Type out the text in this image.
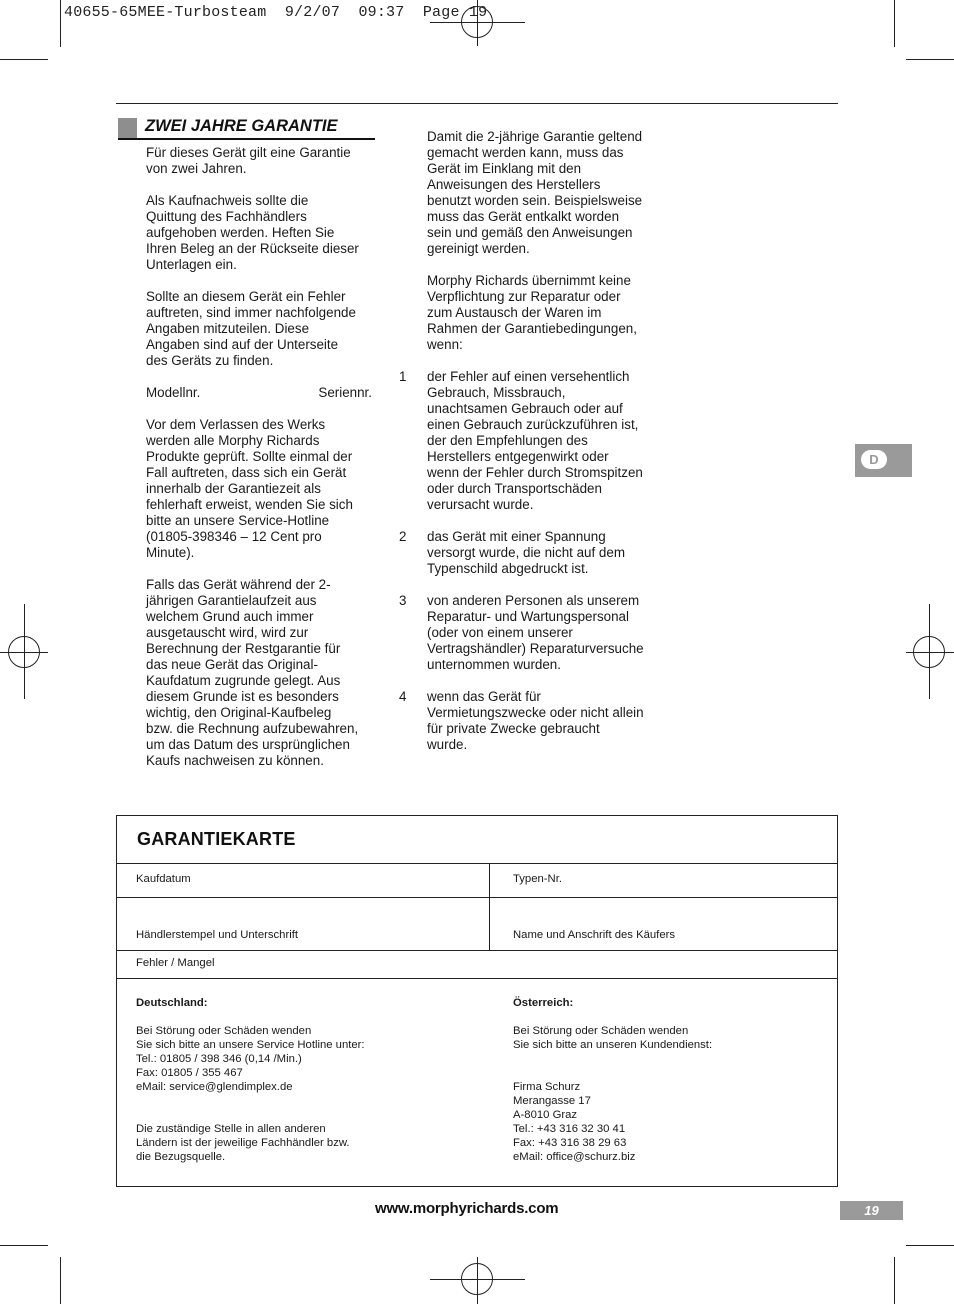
40655-65MEE-Turbosteam  9/2/07  09:37  Page 19
ZWEI JAHRE GARANTIE

Für dieses Gerät gilt eine Garantie
von zwei Jahren.

Als Kaufnachweis sollte die
Quittung des Fachhändlers
aufgehoben werden. Heften Sie
Ihren Beleg an der Rückseite dieser
Unterlagen ein.

Sollte an diesem Gerät ein Fehler
auftreten, sind immer nachfolgende
Angaben mitzuteilen. Diese
Angaben sind auf der Unterseite
des Geräts zu finden.

Modellnr.	Seriennr.

Vor dem Verlassen des Werks
werden alle Morphy Richards
Produkte geprüft. Sollte einmal der
Fall auftreten, dass sich ein Gerät
innerhalb der Garantiezeit als
fehlerhaft erweist, wenden Sie sich
bitte an unsere Service-Hotline
(01805-398346 – 12 Cent pro
Minute).

Falls das Gerät während der 2-
jährigen Garantielaufzeit aus
welchem Grund auch immer
ausgetauscht wird, wird zur
Berechnung der Restgarantie für
das neue Gerät das Original-
Kaufdatum zugrunde gelegt. Aus
diesem Grunde ist es besonders
wichtig, den Original-Kaufbeleg
bzw. die Rechnung aufzubewahren,
um das Datum des ursprünglichen
Kaufs nachweisen zu können.

Damit die 2-jährige Garantie geltend
gemacht werden kann, muss das
Gerät im Einklang mit den
Anweisungen des Herstellers
benutzt worden sein. Beispielsweise
muss das Gerät entkalkt worden
sein und gemäß den Anweisungen
gereinigt werden.

Morphy Richards übernimmt keine
Verpflichtung zur Reparatur oder
zum Austausch der Waren im
Rahmen der Garantiebedingungen,
wenn:

1	der Fehler auf einen versehentlich
Gebrauch, Missbrauch,
unachtsamen Gebrauch oder auf
einen Gebrauch zurückzuführen ist,
der den Empfehlungen des
Herstellers entgegenwirkt oder
wenn der Fehler durch Stromspitzen
oder durch Transportschäden
verursacht wurde.
2	das Gerät mit einer Spannung
versorgt wurde, die nicht auf dem
Typenschild abgedruckt ist.
3	von anderen Personen als unserem
Reparatur- und Wartungspersonal
(oder von einem unserer
Vertragshändler) Reparaturversuche
unternommen wurden.
4	wenn das Gerät für
Vermietungszwecke oder nicht allein
für private Zwecke gebraucht
wurde.
D
GARANTIEKARTE
Kaufdatum	Typen-Nr.
Händlerstempel und Unterschrift	Name und Anschrift des Käufers
Fehler / Mangel
Deutschland:
Bei Störung oder Schäden wenden
Sie sich bitte an unsere Service Hotline unter:
Tel.: 01805 / 398 346 (0,14 /Min.)
Fax: 01805 / 355 467
eMail: service@glendimplex.de
Die zuständige Stelle in allen anderen
Ländern ist der jeweilige Fachhändler bzw.
die Bezugsquelle.
Österreich:
Bei Störung oder Schäden wenden
Sie sich bitte an unseren Kundendienst:
Firma Schurz
Merangasse 17
A-8010 Graz
Tel.: +43 316 32 30 41
Fax: +43 316 38 29 63
eMail: office@schurz.biz
www.morphyrichards.com	19
